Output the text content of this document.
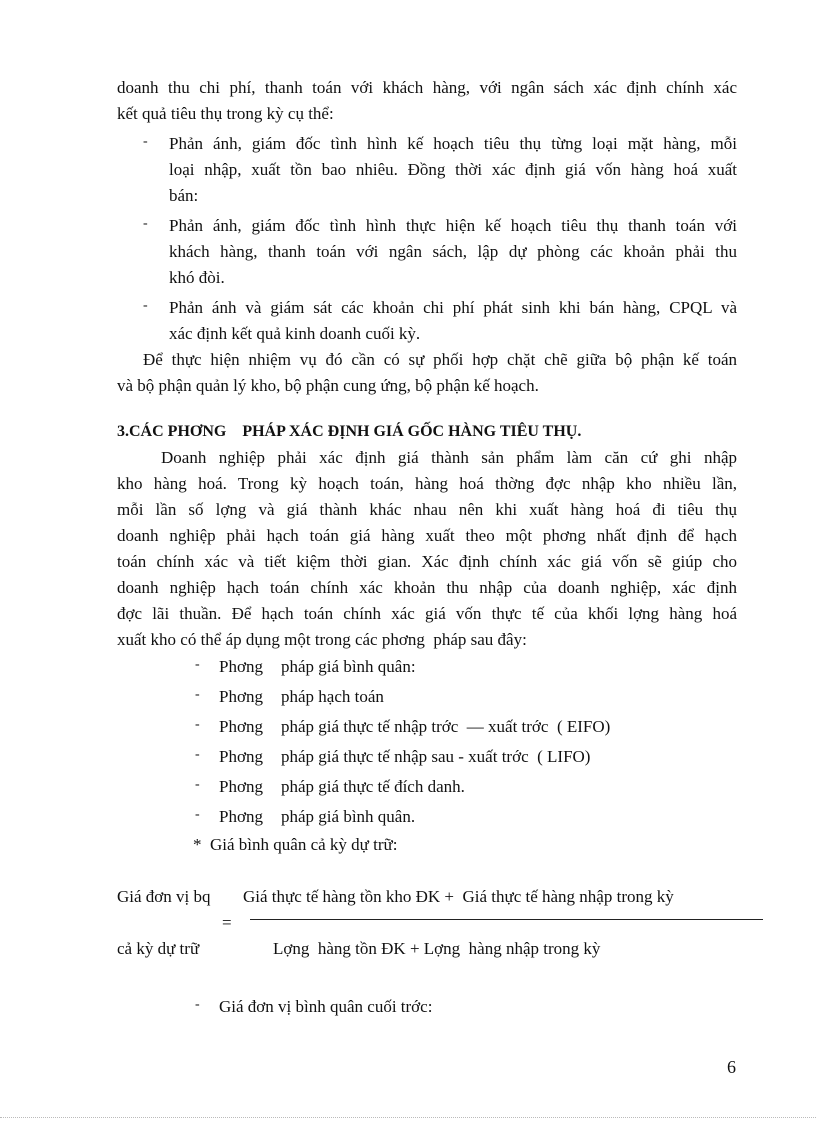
doanh thu chi phí, thanh toán với khách hàng, với ngân sách xác định chính xác
kết quả tiêu thụ trong kỳ cụ thể:
- Phản ánh, giám đốc tình hình kế hoạch tiêu thụ từng loại mặt hàng, mỗi
loại nhập, xuất tồn bao nhiêu. Đồng thời xác định giá vốn hàng hoá xuất
bán:
- Phản ánh, giám đốc tình hình thực hiện kế hoạch tiêu thụ thanh toán với
khách hàng, thanh toán với ngân sách, lập dự phòng các khoản phải thu
khó đòi.
- Phản ánh và giám sát các khoản chi phí phát sinh khi bán hàng, CPQL và
xác định kết quả kinh doanh cuối kỳ.
Để thực hiện nhiệm vụ đó cần có sự phối hợp chặt chẽ giữa bộ phận kế toán
và bộ phận quản lý kho, bộ phận cung ứng, bộ phận kế hoạch.
3.CÁC PHƠNG    PHÁP XÁC ĐỊNH GIÁ GỐC HÀNG TIÊU THỤ.
Doanh nghiệp phải xác định giá thành sản phẩm làm căn cứ ghi nhập
kho hàng hoá. Trong kỳ hoạch toán, hàng hoá thờng đợc nhập kho nhiều lần,
mỗi lần số lợng và giá thành khác nhau nên khi xuất hàng hoá đi tiêu thụ
doanh nghiệp phải hạch toán giá hàng xuất theo một phơng nhất định để hạch
toán chính xác và tiết kiệm thời gian. Xác định chính xác giá vốn sẽ giúp cho
doanh nghiệp hạch toán chính xác khoản thu nhập của doanh nghiệp, xác định
đợc lãi thuần. Để hạch toán chính xác giá vốn thực tế của khối lợng hàng hoá
xuất kho có thể áp dụng một trong các phơng  pháp sau đây:
- Phơng pháp giá bình quân:
- Phơng pháp hạch toán
- Phơng pháp giá thực tế nhập trớc  — xuất trớc  ( EIFO)
- Phơng pháp giá thực tế nhập sau - xuất trớc  ( LIFO)
- Phơng pháp giá thực tế đích danh.
- Phơng pháp giá bình quân.
*  Giá bình quân cả kỳ dự trữ:
Giá đơn vị bq Giá thực tế hàng tồn kho ĐK +  Giá thực tế hàng nhập trong kỳ
=
cả kỳ dự trữ	Lợng  hàng tồn ĐK + Lợng  hàng nhập trong kỳ
- Giá đơn vị bình quân cuối trớc:
6
